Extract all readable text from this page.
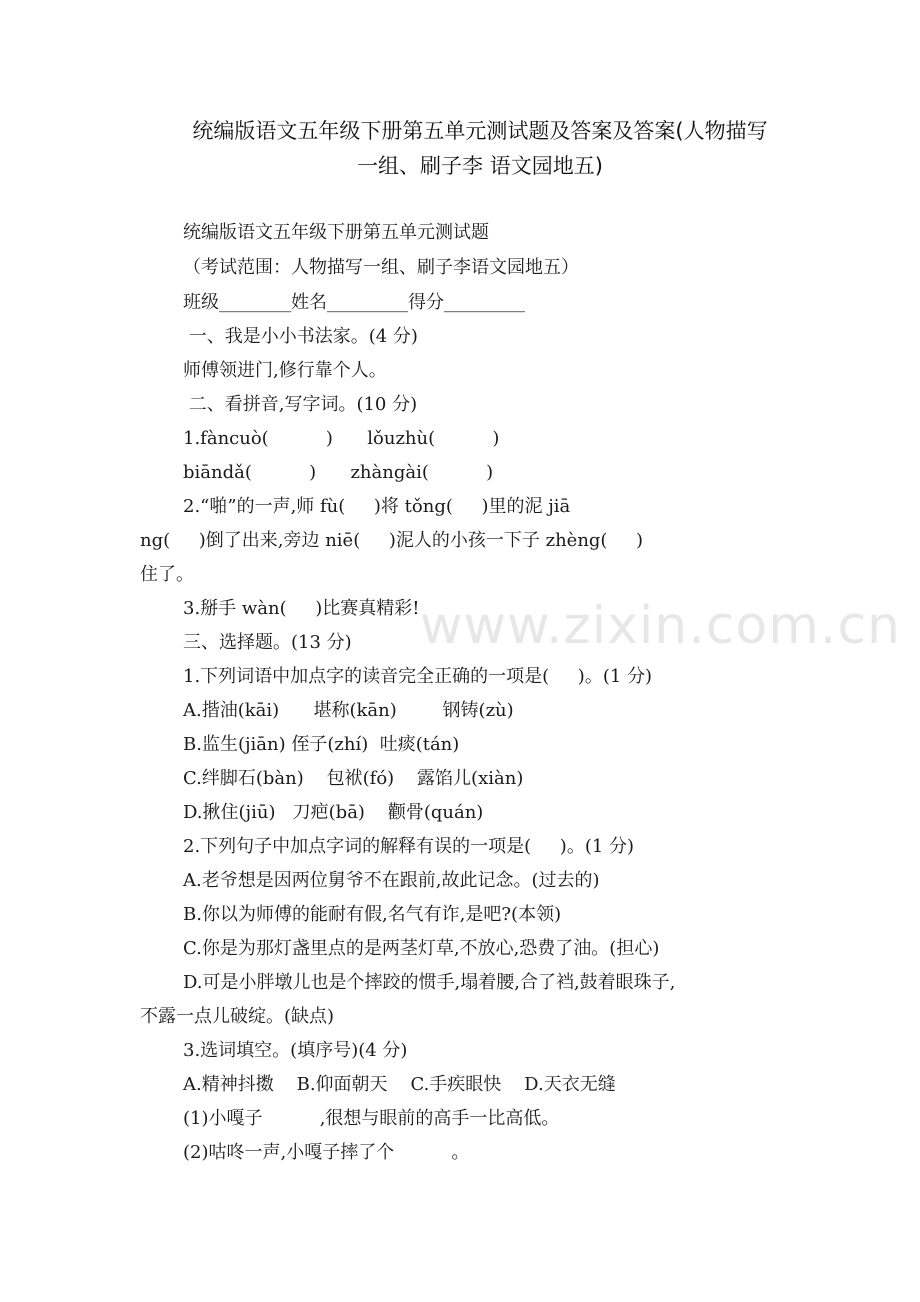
统编版语文五年级下册第五单元测试题及答案及答案(人物描写
一组、刷子李 语文园地五)
www.zixin.com.cn
统编版语文五年级下册第五单元测试题
（考试范围：人物描写一组、刷子李语文园地五）
班级________姓名_________得分_________
一、我是小小书法家。(4 分)
师傅领进门,修行靠个人。
二、看拼音,写字词。(10 分)
1.fàncuò(          )      lǒuzhù(          )
biāndǎ(          )      zhàngài(          )
2.“啪”的一声,师 fù(     )将 tǒng(     )里的泥 jiā
ng(     )倒了出来,旁边 niē(     )泥人的小孩一下子 zhèng(     )
住了。
3.掰手 wàn(     )比赛真精彩!
三、选择题。(13 分)
1.下列词语中加点字的读音完全正确的一项是(     )。(1 分)
A.揩油(kāi)      堪称(kān)        钢铸(zù)
B.监生(jiān) 侄子(zhí)  吐痰(tán)
C.绊脚石(bàn)    包袱(fó)    露馅儿(xiàn)
D.揪住(jiū)   刀疤(bā)    颧骨(quán)
2.下列句子中加点字词的解释有误的一项是(     )。(1 分)
A.老爷想是因两位舅爷不在跟前,故此记念。(过去的)
B.你以为师傅的能耐有假,名气有诈,是吧?(本领)
C.你是为那灯盏里点的是两茎灯草,不放心,恐费了油。(担心)
D.可是小胖墩儿也是个摔跤的惯手,塌着腰,合了裆,鼓着眼珠子,
不露一点儿破绽。(缺点)
3.选词填空。(填序号)(4 分)
A.精神抖擞    B.仰面朝天    C.手疾眼快    D.天衣无缝
(1)小嘎子          ,很想与眼前的高手一比高低。
(2)咕咚一声,小嘎子摔了个          。
